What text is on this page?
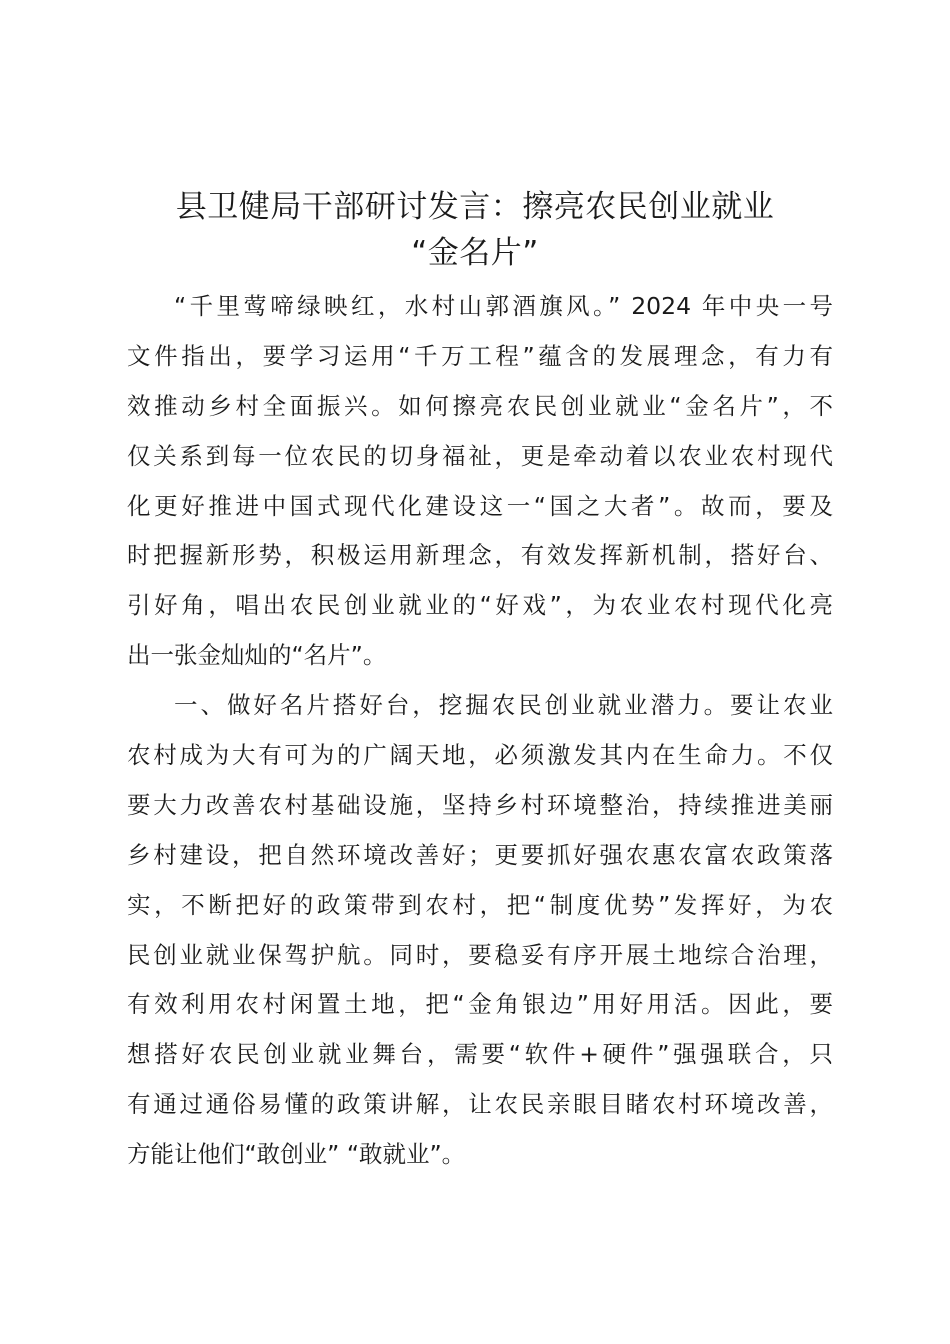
县卫健局干部研讨发言：擦亮农民创业就业
“金名片”

“千里莺啼绿映红，水村山郭酒旗风。” 2024 年中央一号
文件指出，要学习运用“千万工程”蕴含的发展理念，有力有
效推动乡村全面振兴。如何擦亮农民创业就业“金名片”，不
仅关系到每一位农民的切身福祉，更是牵动着以农业农村现代
化更好推进中国式现代化建设这一“国之大者”。故而，要及
时把握新形势，积极运用新理念，有效发挥新机制，搭好台、
引好角，唱出农民创业就业的“好戏”，为农业农村现代化亮
出一张金灿灿的“名片”。

一、做好名片搭好台，挖掘农民创业就业潜力。要让农业
农村成为大有可为的广阔天地，必须激发其内在生命力。不仅
要大力改善农村基础设施，坚持乡村环境整治，持续推进美丽
乡村建设，把自然环境改善好；更要抓好强农惠农富农政策落
实，不断把好的政策带到农村，把“制度优势”发挥好，为农
民创业就业保驾护航。同时，要稳妥有序开展土地综合治理，
有效利用农村闲置土地，把“金角银边”用好用活。因此，要
想搭好农民创业就业舞台，需要“软件+硬件”强强联合，只
有通过通俗易懂的政策讲解，让农民亲眼目睹农村环境改善，
方能让他们“敢创业” “敢就业”。
